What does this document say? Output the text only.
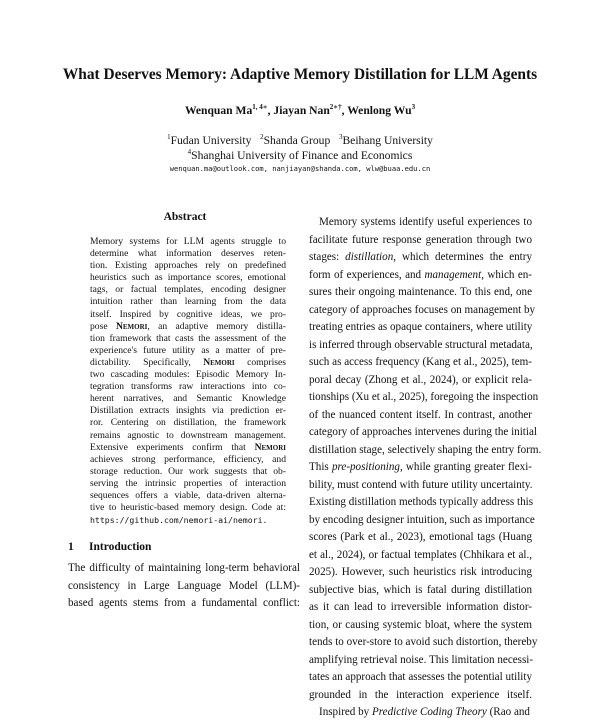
What Deserves Memory: Adaptive Memory Distillation for LLM Agents
Wenquan $Ma^{1, 4∗}$, Jiayan Nan$^{2∗\dagger}$, Wenlong Wu$^3$
$^1$Fudan University $^2$Shanda Group $^3$Beihang University
$^4$Shanghai University of Finance and Economics
wenquan.ma@outlook.com, nanjiayan@shanda.com, wlw@buaa.edu.cn
Abstract
Memory systems for LLM agents struggle to
determine what information deserves reten-
tion. Existing approaches rely on predefined
heuristics such as importance scores, emotional
tags, or factual templates, encoding designer
intuition rather than learning from the data
itself. Inspired by cognitive ideas, we pro-
pose Nemori, an adaptive memory distilla-
tion framework that casts the assessment of the
experience's future utility as a matter of pre-
dictability. Specifically, Nemori comprises
two cascading modules: Episodic Memory In-
tegration transforms raw interactions into co-
herent narratives, and Semantic Knowledge
Distillation extracts insights via prediction er-
ror. Centering on distillation, the framework
remains agnostic to downstream management.
Extensive experiments confirm that Nemori
achieves strong performance, efficiency, and
storage reduction. Our work suggests that ob-
serving the intrinsic properties of interaction
sequences offers a viable, data-driven alterna-
tive to heuristic-based memory design. Code at:
https://github.com/nemori-ai/nemori.
1 Introduction
The difficulty of maintaining long-term behavioral
consistency in Large Language Model (LLM)-
based agents stems from a fundamental conflict:
Memory systems identify useful experiences to
facilitate future response generation through two
stages: distillation, which determines the entry
form of experiences, and management, which en-
sures their ongoing maintenance. To this end, one
category of approaches focuses on management by
treating entries as opaque containers, where utility
is inferred through observable structural metadata,
such as access frequency (Kang et al., 2025), tem-
poral decay (Zhong et al., 2024), or explicit rela-
tionships (Xu et al., 2025), foregoing the inspection
of the nuanced content itself. In contrast, another
category of approaches intervenes during the initial
distillation stage, selectively shaping the entry form.
This pre-positioning, while granting greater flexi-
bility, must contend with future utility uncertainty.
Existing distillation methods typically address this
by encoding designer intuition, such as importance
scores (Park et al., 2023), emotional tags (Huang
et al., 2024), or factual templates (Chhikara et al.,
2025). However, such heuristics risk introducing
subjective bias, which is fatal during distillation
as it can lead to irreversible information distor-
tion, or causing systemic bloat, where the system
tends to over-store to avoid such distortion, thereby
amplifying retrieval noise. This limitation necessi-
tates an approach that assesses the potential utility
grounded in the interaction experience itself.
Inspired by Predictive Coding Theory (Rao and
